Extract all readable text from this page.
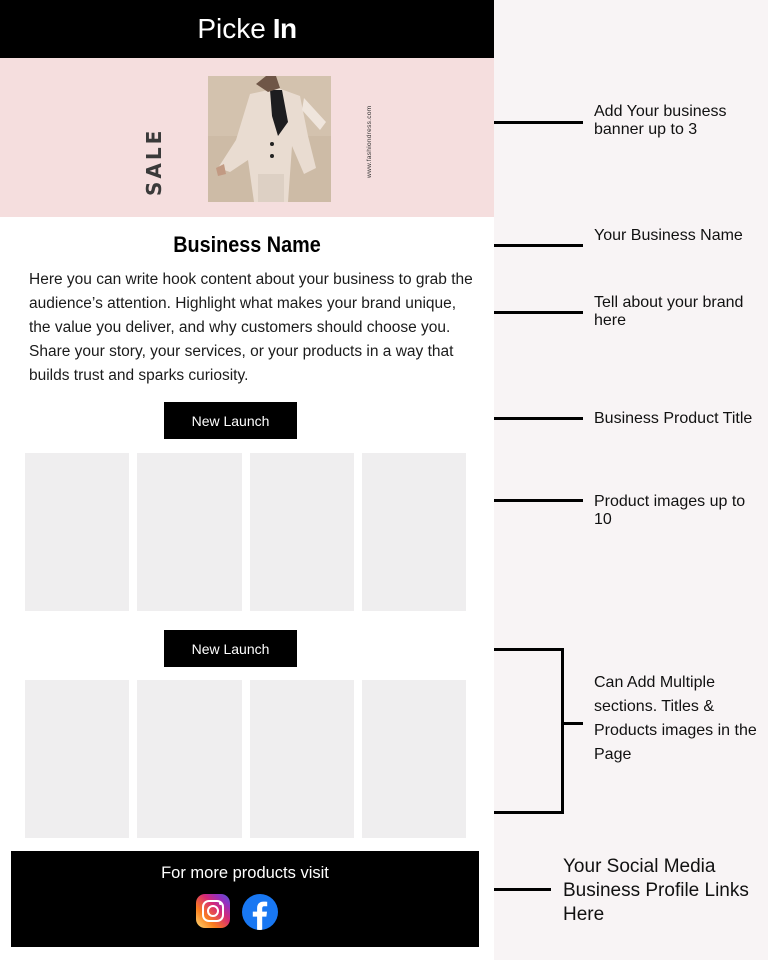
Picke In
SALE	www.fashiondress.com
Business Name

Here you can write hook content about your business to grab the audience’s attention. Highlight what makes your brand unique, the value you deliver, and why customers should choose you. Share your story, your services, or your products in a way that builds trust and sparks curiosity.

New Launch
New Launch
For more products visit
Add Your business banner up to 3
Your Business Name
Tell about your brand here
Business Product Title
Product images up to 10
Can Add Multiple sections. Titles & Products images in the Page
Your Social Media Business Profile Links Here
